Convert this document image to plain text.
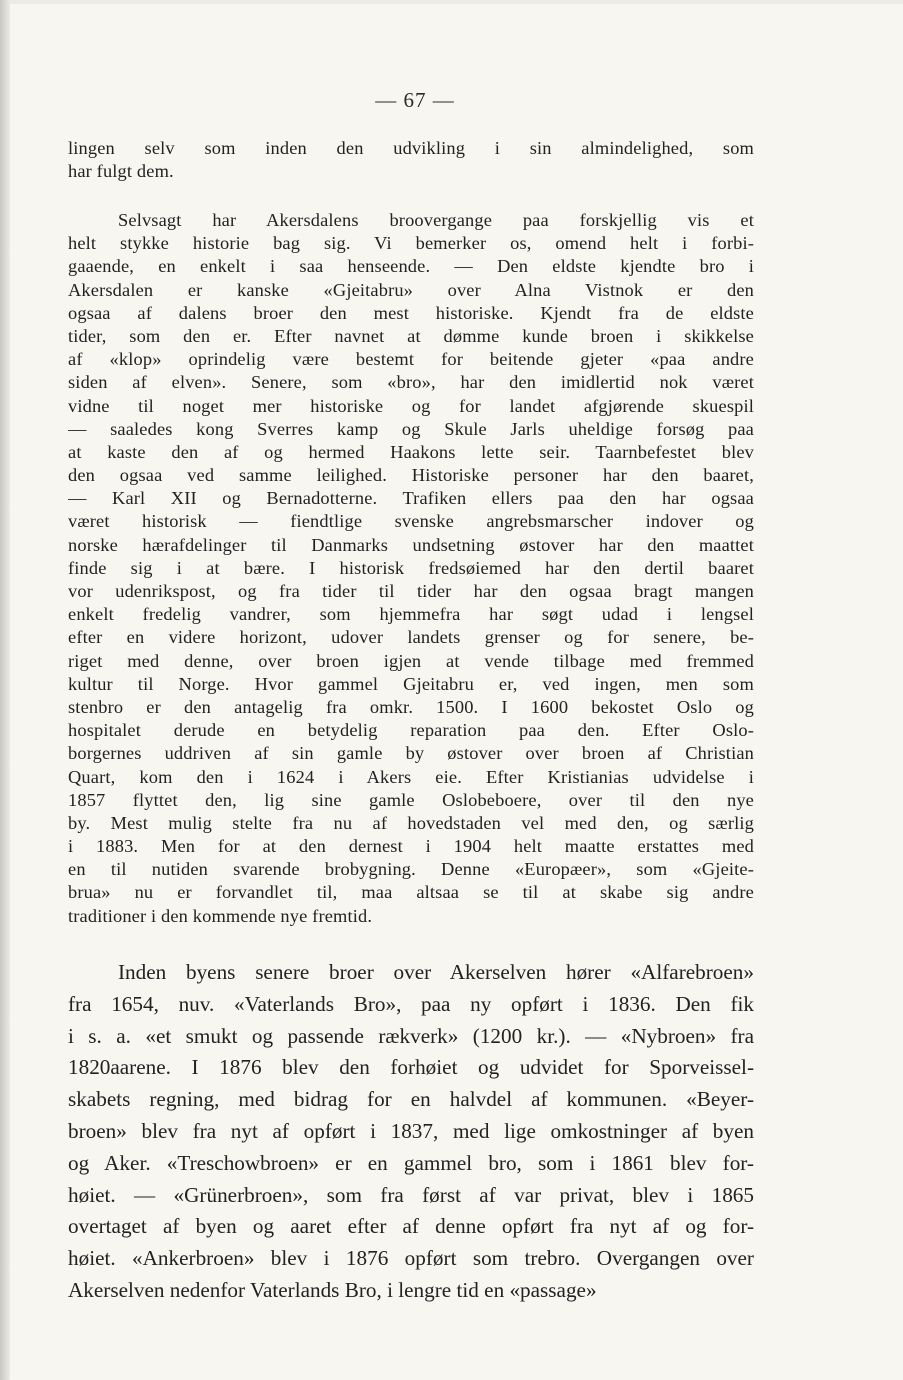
— 67 —
lingen selv som inden den udvikling i sin almindelighed, som
har fulgt dem.
Selvsagt har Akersdalens broovergange paa forskjellig vis et
helt stykke historie bag sig. Vi bemerker os, omend helt i forbi-
gaaende, en enkelt i saa henseende. — Den eldste kjendte bro i
Akersdalen er kanske «Gjeitabru» over Alna Vistnok er den
ogsaa af dalens broer den mest historiske. Kjendt fra de eldste
tider, som den er. Efter navnet at dømme kunde broen i skikkelse
af «klop» oprindelig være bestemt for beitende gjeter «paa andre
siden af elven». Senere, som «bro», har den imidlertid nok været
vidne til noget mer historiske og for landet afgjørende skuespil
— saaledes kong Sverres kamp og Skule Jarls uheldige forsøg paa
at kaste den af og hermed Haakons lette seir. Taarnbefestet blev
den ogsaa ved samme leilighed. Historiske personer har den baaret,
— Karl XII og Bernadotterne. Trafiken ellers paa den har ogsaa
været historisk — fiendtlige svenske angrebsmarscher indover og
norske hærafdelinger til Danmarks undsetning østover har den maattet
finde sig i at bære. I historisk fredsøiemed har den dertil baaret
vor udenrikspost, og fra tider til tider har den ogsaa bragt mangen
enkelt fredelig vandrer, som hjemmefra har søgt udad i lengsel
efter en videre horizont, udover landets grenser og for senere, be-
riget med denne, over broen igjen at vende tilbage med fremmed
kultur til Norge. Hvor gammel Gjeitabru er, ved ingen, men som
stenbro er den antagelig fra omkr. 1500. I 1600 bekostet Oslo og
hospitalet derude en betydelig reparation paa den. Efter Oslo-
borgernes uddriven af sin gamle by østover over broen af Christian
Quart, kom den i 1624 i Akers eie. Efter Kristianias udvidelse i
1857 flyttet den, lig sine gamle Oslobeboere, over til den nye
by. Mest mulig stelte fra nu af hovedstaden vel med den, og særlig
i 1883. Men for at den dernest i 1904 helt maatte erstattes med
en til nutiden svarende brobygning. Denne «Europæer», som «Gjeite-
brua» nu er forvandlet til, maa altsaa se til at skabe sig andre
traditioner i den kommende nye fremtid.
Inden byens senere broer over Akerselven hører «Alfarebroen»
fra 1654, nuv. «Vaterlands Bro», paa ny opført i 1836. Den fik
i s. a. «et smukt og passende rækverk» (1200 kr.). — «Nybroen» fra
1820aarene. I 1876 blev den forhøiet og udvidet for Sporveissel-
skabets regning, med bidrag for en halvdel af kommunen. «Beyer-
broen» blev fra nyt af opført i 1837, med lige omkostninger af byen
og Aker. «Treschowbroen» er en gammel bro, som i 1861 blev for-
høiet. — «Grünerbroen», som fra først af var privat, blev i 1865
overtaget af byen og aaret efter af denne opført fra nyt af og for-
høiet. «Ankerbroen» blev i 1876 opført som trebro. Overgangen over
Akerselven nedenfor Vaterlands Bro, i lengre tid en «passage»
